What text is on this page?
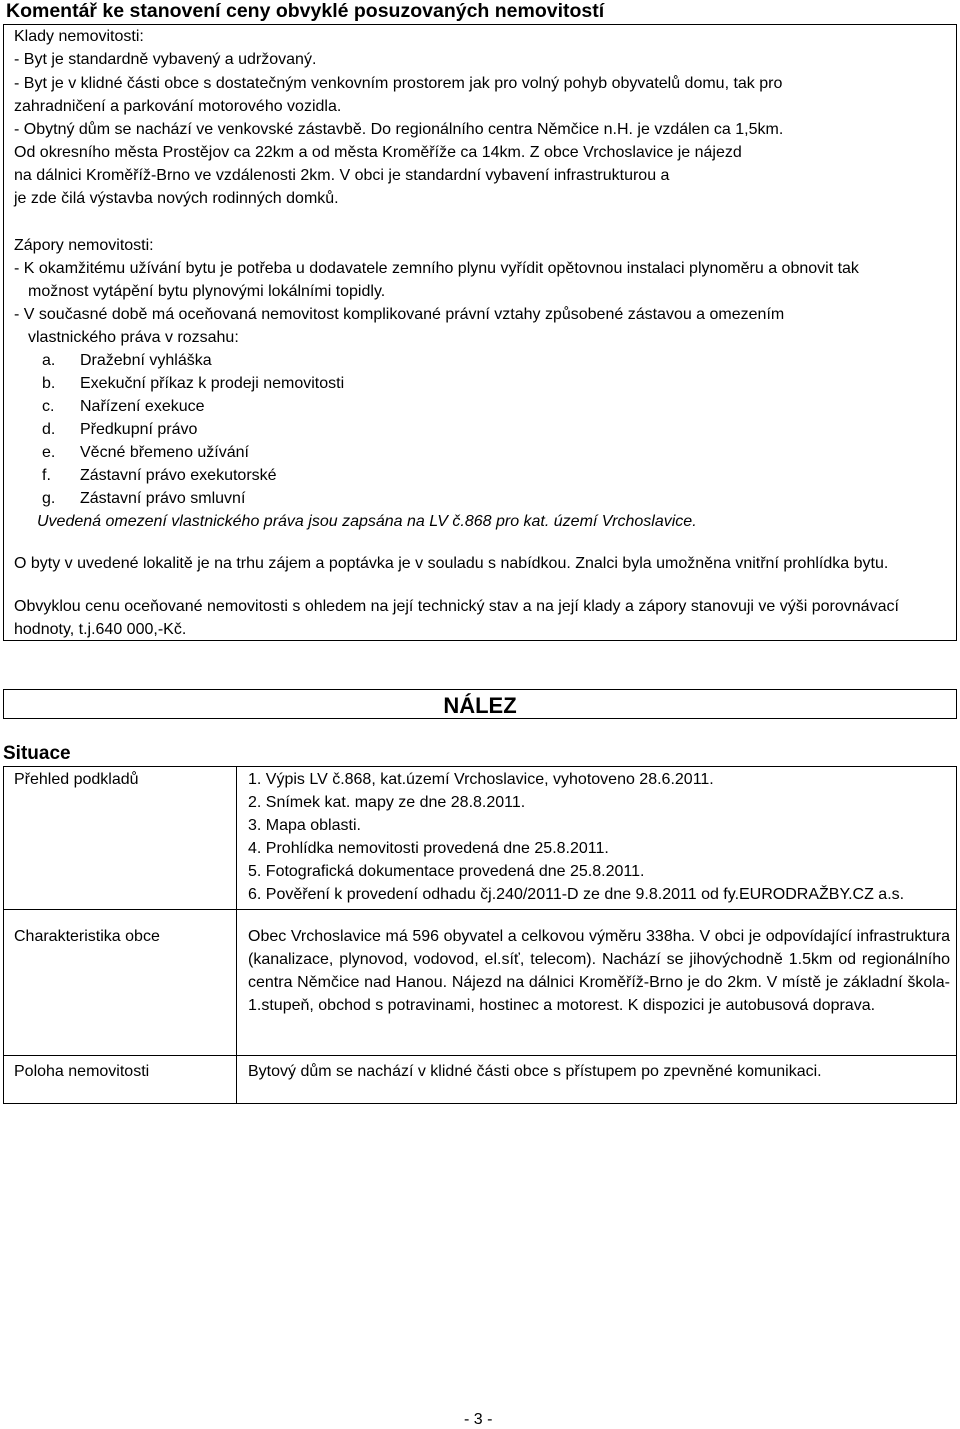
Komentář ke stanovení ceny obvyklé posuzovaných nemovitostí
Klady nemovitosti:
- Byt je standardně vybavený a udržovaný.
- Byt je v klidné části obce s dostatečným venkovním prostorem jak pro volný pohyb obyvatelů domu, tak pro
zahradničení a parkování motorového vozidla.
- Obytný dům se nachází ve venkovské zástavbě. Do regionálního centra Němčice n.H. je vzdálen ca 1,5km.
Od okresního města Prostějov ca 22km a od města Kroměříže ca 14km. Z obce Vrchoslavice je nájezd
na dálnici Kroměříž-Brno ve vzdálenosti 2km. V obci je standardní vybavení infrastrukturou a
je zde čilá výstavba nových rodinných domků.
Zápory nemovitosti:
- K okamžitému užívání bytu je potřeba u dodavatele zemního plynu vyřídit opětovnou instalaci plynoměru a obnovit tak
možnost vytápění bytu plynovými lokálními topidly.
- V současné době má oceňovaná nemovitost komplikované právní vztahy způsobené zástavou a omezením
vlastnického práva v rozsahu:
a. Dražební vyhláška
b. Exekuční příkaz k prodeji nemovitosti
c. Nařízení exekuce
d. Předkupní právo
e. Věcné břemeno užívání
f. Zástavní právo exekutorské
g. Zástavní právo smluvní
Uvedená omezení vlastnického práva jsou zapsána na LV č.868 pro kat. území Vrchoslavice.
O byty v uvedené lokalitě je na trhu zájem a poptávka je v souladu s nabídkou. Znalci byla umožněna vnitřní prohlídka bytu.
Obvyklou cenu oceňované nemovitosti s ohledem na její technický stav a na její klady a zápory stanovuji ve výši porovnávací
hodnoty, t.j.640 000,-Kč.
NÁLEZ
Situace
Přehled podkladů	1. Výpis LV č.868, kat.území Vrchoslavice, vyhotoveno 28.6.2011.
2. Snímek kat. mapy ze dne 28.8.2011.
3. Mapa oblasti.
4. Prohlídka nemovitosti provedená dne 25.8.2011.
5. Fotografická dokumentace provedená dne 25.8.2011.
6. Pověření k provedení odhadu čj.240/2011-D ze dne 9.8.2011 od fy.EURODRAŽBY.CZ a.s.
Charakteristika obce	Obec Vrchoslavice má 596 obyvatel a celkovou výměru 338ha. V obci je odpovídající infrastruktura (kanalizace, plynovod, vodovod, el.síť, telecom). Nachází se jihovýchodně 1.5km od regionálního centra Němčice nad Hanou. Nájezd na dálnici Kroměříž-Brno je do 2km. V místě je základní škola-1.stupeň, obchod s potravinami, hostinec a motorest. K dispozici je autobusová doprava.
Poloha nemovitosti	Bytový dům se nachází v klidné části obce s přístupem po zpevněné komunikaci.
- 3 -
